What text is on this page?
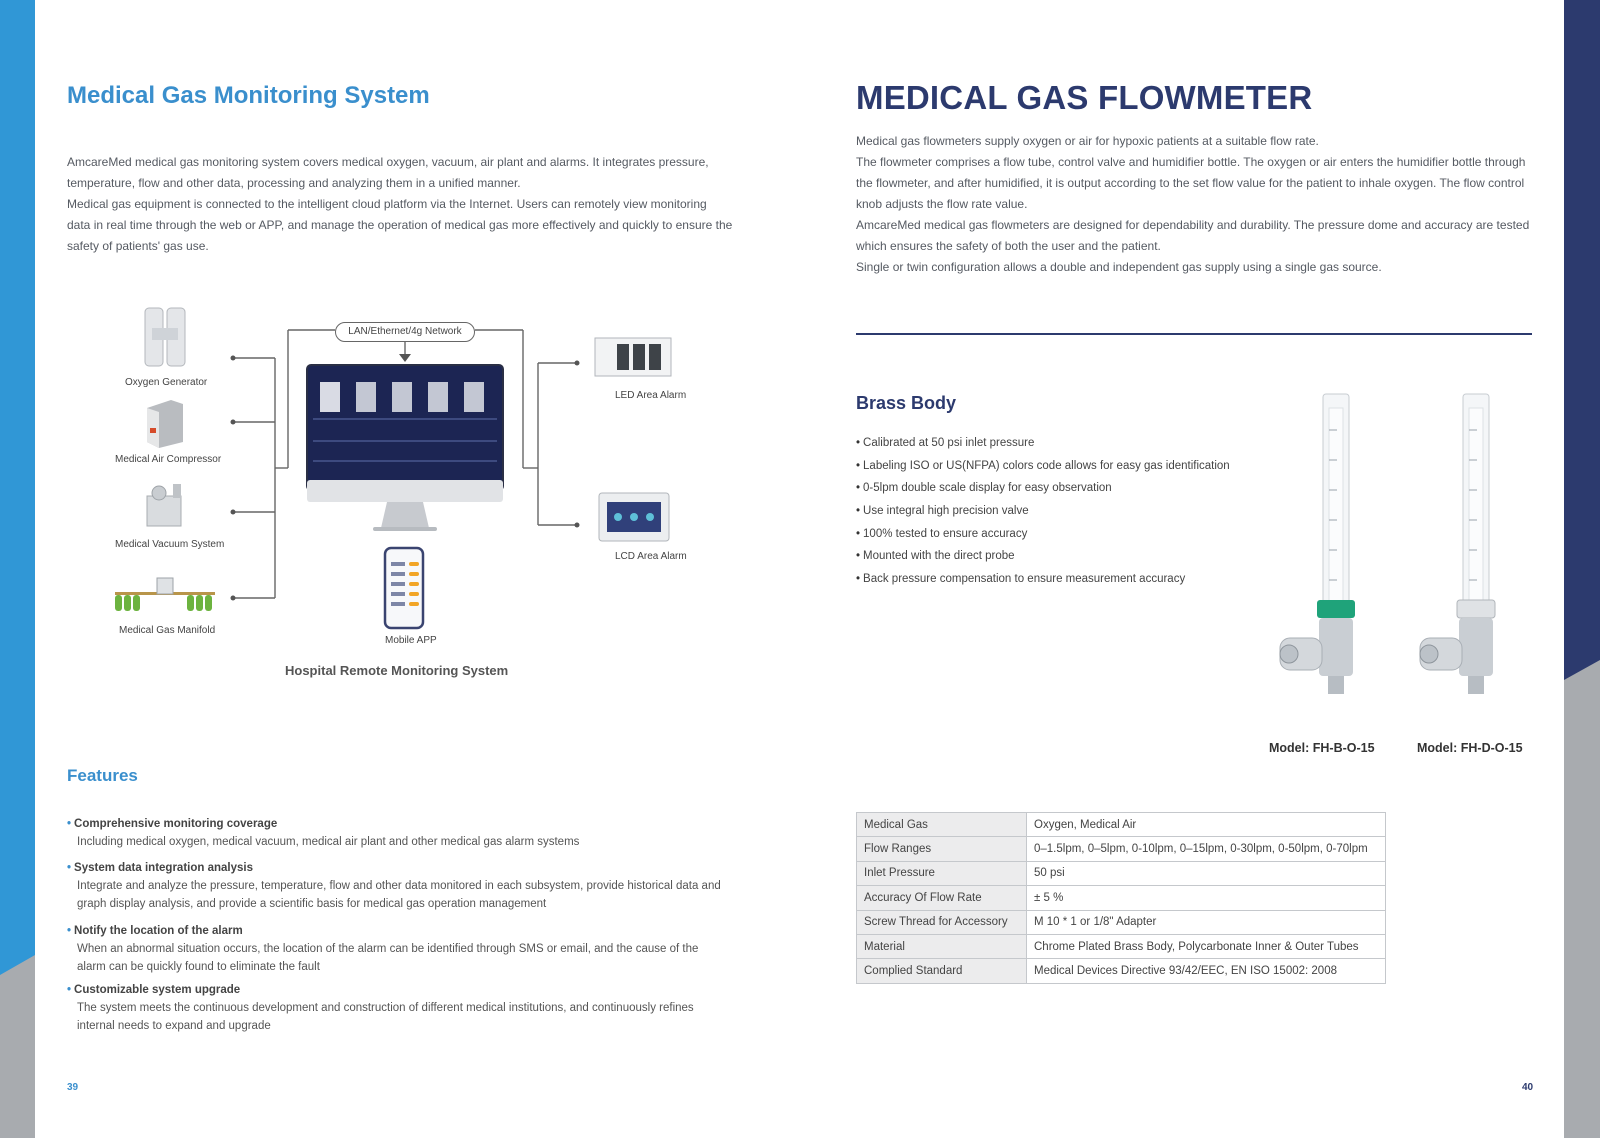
Medical Gas Monitoring System

AmcareMed medical gas monitoring system covers medical oxygen, vacuum, air plant and alarms. It integrates pressure,

temperature, flow and other data, processing and analyzing them in a unified manner.

Medical gas equipment is connected to the intelligent cloud platform via the Internet. Users can remotely view monitoring

data in real time through the web or APP, and manage the operation of medical gas more effectively and quickly to ensure the

safety of patients' gas use.

LAN/Ethernet/4g Network
Oxygen Generator
Medical Air Compressor
Medical Vacuum System
Medical Gas Manifold
Mobile APP
LED Area Alarm
LCD Area Alarm
Hospital Remote Monitoring System
Features
• Comprehensive monitoring coverage
Including medical oxygen, medical vacuum, medical air plant and other medical gas alarm systems
• System data integration analysis
Integrate and analyze the pressure, temperature, flow and other data monitored in each subsystem, provide historical data and graph display analysis, and provide a scientific basis for medical gas operation management
• Notify the location of the alarm
When an abnormal situation occurs, the location of the alarm can be identified through SMS or email, and the cause of the alarm can be quickly found to eliminate the fault
• Customizable system upgrade
The system meets the continuous development and construction of different medical institutions, and continuously refines internal needs to expand and upgrade
39
MEDICAL GAS FLOWMETER

Medical gas flowmeters supply oxygen or air for hypoxic patients at a suitable flow rate.

The flowmeter comprises a flow tube, control valve and humidifier bottle. The oxygen or air enters the humidifier bottle through the flowmeter, and after humidified, it is output according to the set flow value for the patient to inhale oxygen. The flow control knob adjusts the flow rate value.

AmcareMed medical gas flowmeters are designed for dependability and durability. The pressure dome and accuracy are tested which ensures the safety of both the user and the patient.

Single or twin configuration allows a double and independent gas supply using a single gas source.

Brass Body
• Calibrated at 50 psi inlet pressure
• Labeling ISO or US(NFPA) colors code allows for easy gas identification
• 0-5lpm double scale display for easy observation
• Use integral high precision valve
• 100% tested to ensure accuracy
• Mounted with the direct probe
• Back pressure compensation to ensure measurement accuracy
Model: FH-B-O-15	Model: FH-D-O-15
Medical Gas	Oxygen, Medical Air
Flow Ranges	0–1.5lpm, 0–5lpm, 0-10lpm, 0–15lpm, 0-30lpm, 0-50lpm, 0-70lpm
Inlet Pressure	50 psi
Accuracy Of Flow Rate	± 5 %
Screw Thread for Accessory	M 10 * 1 or 1/8" Adapter
Material	Chrome Plated Brass Body, Polycarbonate Inner & Outer Tubes
Complied Standard	Medical Devices Directive 93/42/EEC, EN ISO 15002: 2008
40
